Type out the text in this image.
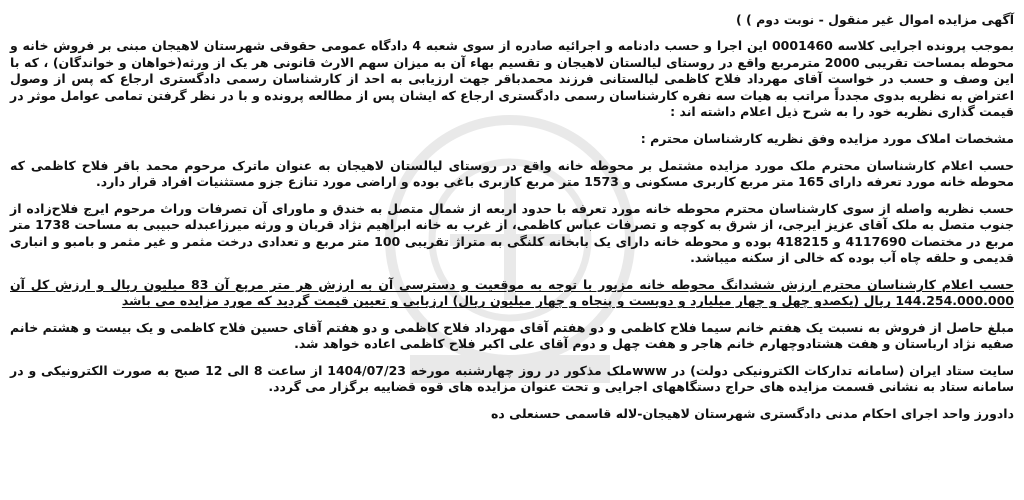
آگهی مزایده اموال غیر منقول - نوبت دوم ) )

بموجب پرونده اجرایی کلاسه 0001460 این اجرا و حسب دادنامه و اجرائیه صادره از سوی شعبه 4 دادگاه عمومی حقوقی شهرستان لاهیجان مبنی بر فروش خانه و محوطه بمساحت تقریبی 2000 مترمربع واقع در روستای لیالستان لاهیجان و تقسیم بهاء آن به میزان سهم الارث قانونی هر یک از ورثه(خواهان و خواندگان) ، که با این وصف و حسب در خواست آقای مهرداد فلاح کاظمی لیالستانی فرزند محمدباقر جهت ارزیابی به احد از کارشناسان رسمی دادگستری ارجاع که پس از وصول اعتراض به نظریه بدوی مجدداً مراتب به هیات سه نفره کارشناسان رسمی دادگستری ارجاع که ایشان پس از مطالعه پرونده و با در نظر گرفتن تمامی عوامل موثر در قیمت گذاری نظریه خود را به شرح ذیل اعلام داشته اند :

مشخصات املاک مورد مزایده وفق نظریه کارشناسان محترم :

حسب اعلام کارشناسان محترم ملک مورد مزایده مشتمل بر محوطه خانه واقع در روستای لیالستان لاهیجان به عنوان ماترک مرحوم محمد باقر فلاح کاظمی که محوطه خانه مورد تعرفه دارای 165 متر مربع کاربری مسکونی و 1573 متر مربع کاربری باغی بوده و اراضی مورد تنازع جزو مستثنیات افراد قرار دارد.

حسب نظریه واصله از سوی کارشناسان محترم محوطه خانه مورد تعرفه با حدود اربعه از شمال متصل به خندق و ماورای آن تصرفات وراث مرحوم ایرج فلاح‌زاده از جنوب متصل به ملک آقای عزیز ایرجی، از شرق به کوچه و تصرفات عباس کاظمی، از غرب به خانه ابراهیم نژاد قربان و ورثه میرزاعبدله حبیبی به مساحت 1738 متر مربع در مختصات 4117690 و 418215 بوده و محوطه خانه دارای یک بابخانه کلنگی به متراژ تقریبی 100 متر مربع و تعدادی درخت مثمر و غیر مثمر و بامبو و انباری قدیمی و حلقه چاه آب بوده که خالی از سکنه میباشد.

حسب اعلام کارشناسان محترم ارزش ششدانگ محوطه خانه مزبور با توجه به موقعیت و دسترسی آن به ارزش هر متر مربع آن 83 میلیون ریال و ارزش کل آن 144.254.000.000 ریال (یکصدو چهل و چهار میلیارد و دویست و پنجاه و چهار میلیون ریال) ارزیابی و تعیین قیمت گردید که مورد مزایده می باشد

مبلغ حاصل از فروش به نسبت یک هفتم خانم سیما فلاح کاظمی و دو هفتم آقای مهرداد فلاح کاظمی و دو هفتم آقای حسین فلاح کاظمی و یک بیست و هشتم خانم صفیه نژاد ارباستان و هفت هشتادوچهارم خانم هاجر و هفت چهل و دوم آقای علی اکبر فلاح کاظمی اعاده خواهد شد.

سایت ستاد ایران (سامانه تدارکات الکترونیکی دولت) در wwwملک مذکور در روز چهارشنبه مورخه 1404/07/23 از ساعت 8 الی 12 صبح به صورت الکترونیکی و در سامانه ستاد به نشانی قسمت مزایده های حراج دستگاههای اجرایی و تحت عنوان مزایده های قوه قضاییه برگزار می گردد.

دادورز واحد اجرای احکام مدنی دادگستری شهرستان لاهیجان-لاله قاسمی حسنعلی ده
